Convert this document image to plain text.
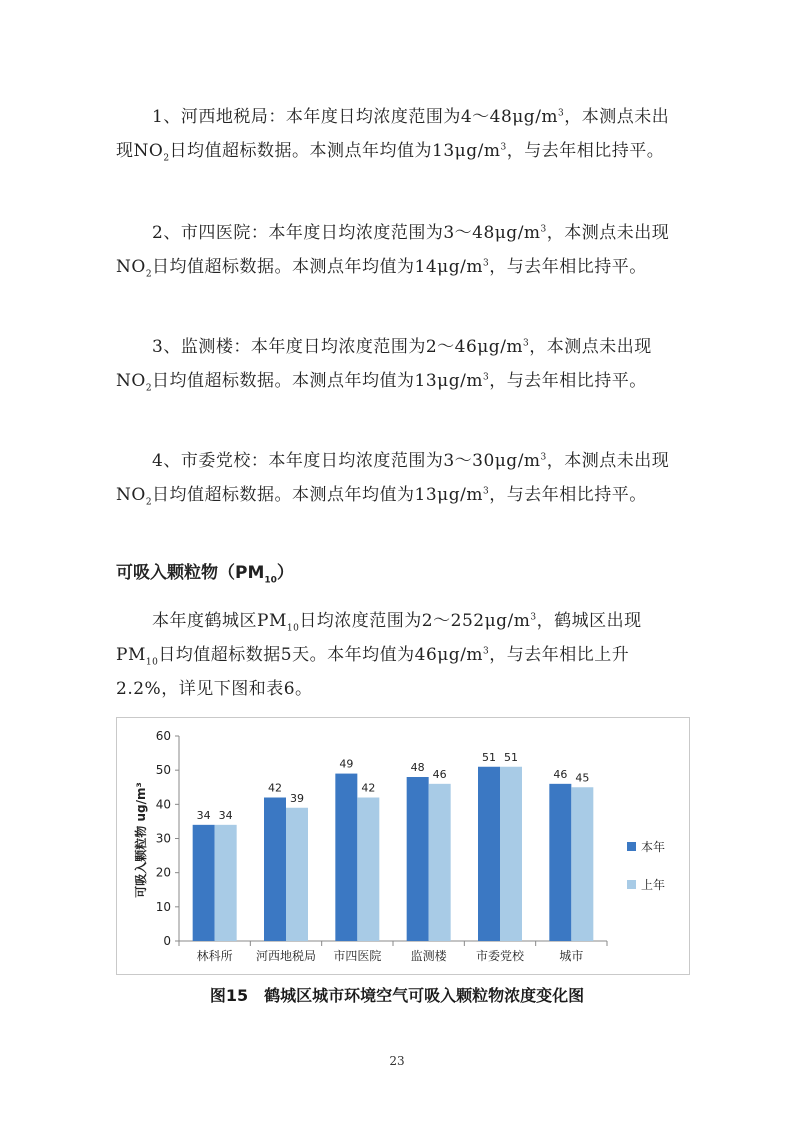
1、河西地税局：本年度日均浓度范围为$4\sim 48\mu g/m^3$，本测点未出现$NO_2$日均值超标数据。本测点年均值为$13\mu g/m^3$，与去年相比持平。

2、市四医院：本年度日均浓度范围为$3\sim 48\mu g/m^3$，本测点未出现$NO_2$日均值超标数据。本测点年均值为$14\mu g/m^3$，与去年相比持平。

3、监测楼：本年度日均浓度范围为$2\sim 46\mu g/m^3$，本测点未出现$NO_2$日均值超标数据。本测点年均值为$13\mu g/m^3$，与去年相比持平。

4、市委党校：本年度日均浓度范围为$3\sim 30\mu g/m^3$，本测点未出现$NO_2$日均值超标数据。本测点年均值为$13\mu g/m^3$，与去年相比持平。

可吸入颗粒物$(PM_{10})$

本年度鹤城区$PM_{10}$日均浓度范围为$2\sim 252\mu g/m^3$，鹤城区出现$PM_{10}$日均值超标数据5天。本年均值为$46\mu g/m^3$，与去年相比上升2.2%，详见下图和表6。

可吸入颗粒物 ug/m³
0
10
20
30
40
50
60
林科所 河西地税局 市四医院 监测楼 市委党校	城市
34 34
42
39
49
42
48
46
51 51
46 45
本年
上年

图15　鹤城区城市环境空气可吸入颗粒物浓度变化图

23
